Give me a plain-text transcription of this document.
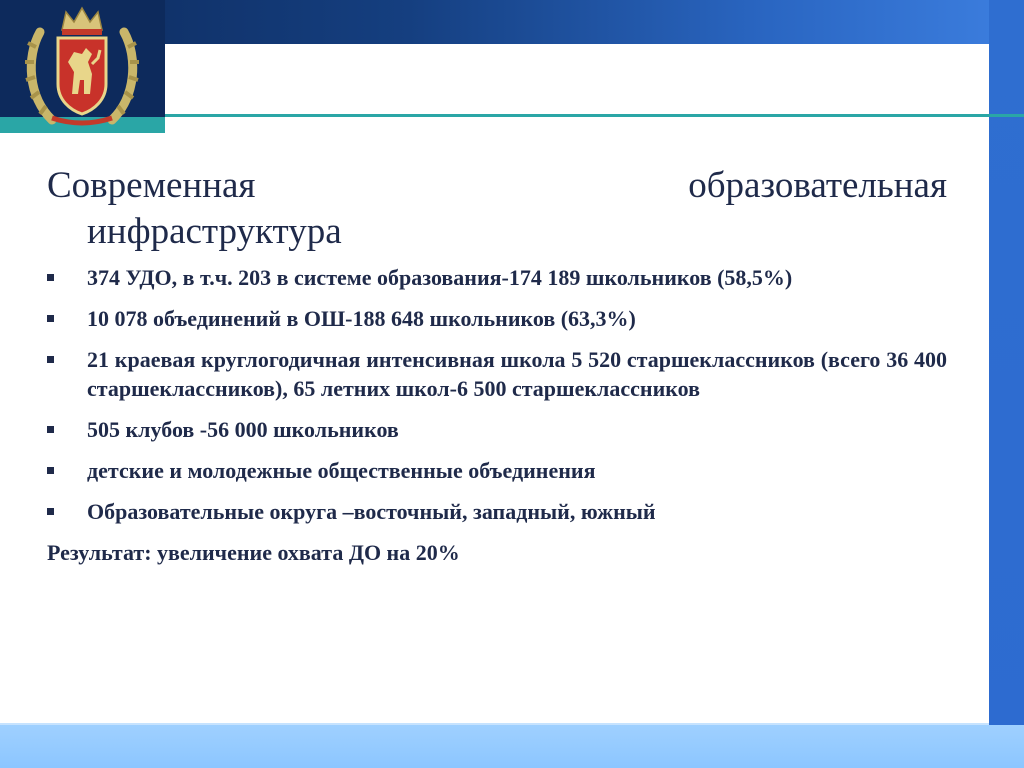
Современная	образовательная

инфраструктура

374 УДО, в т.ч. 203 в системе образования-174 189 школьников (58,5%)
10 078 объединений в ОШ-188 648 школьников (63,3%)
21 краевая круглогодичная интенсивная школа 5 520 старшеклассников (всего 36 400 старшеклассников), 65 летних школ-6 500 старшеклассников
505 клубов -56 000 школьников
детские и молодежные общественные объединения
Образовательные округа –восточный, западный, южный

Результат: увеличение охвата ДО на 20%
